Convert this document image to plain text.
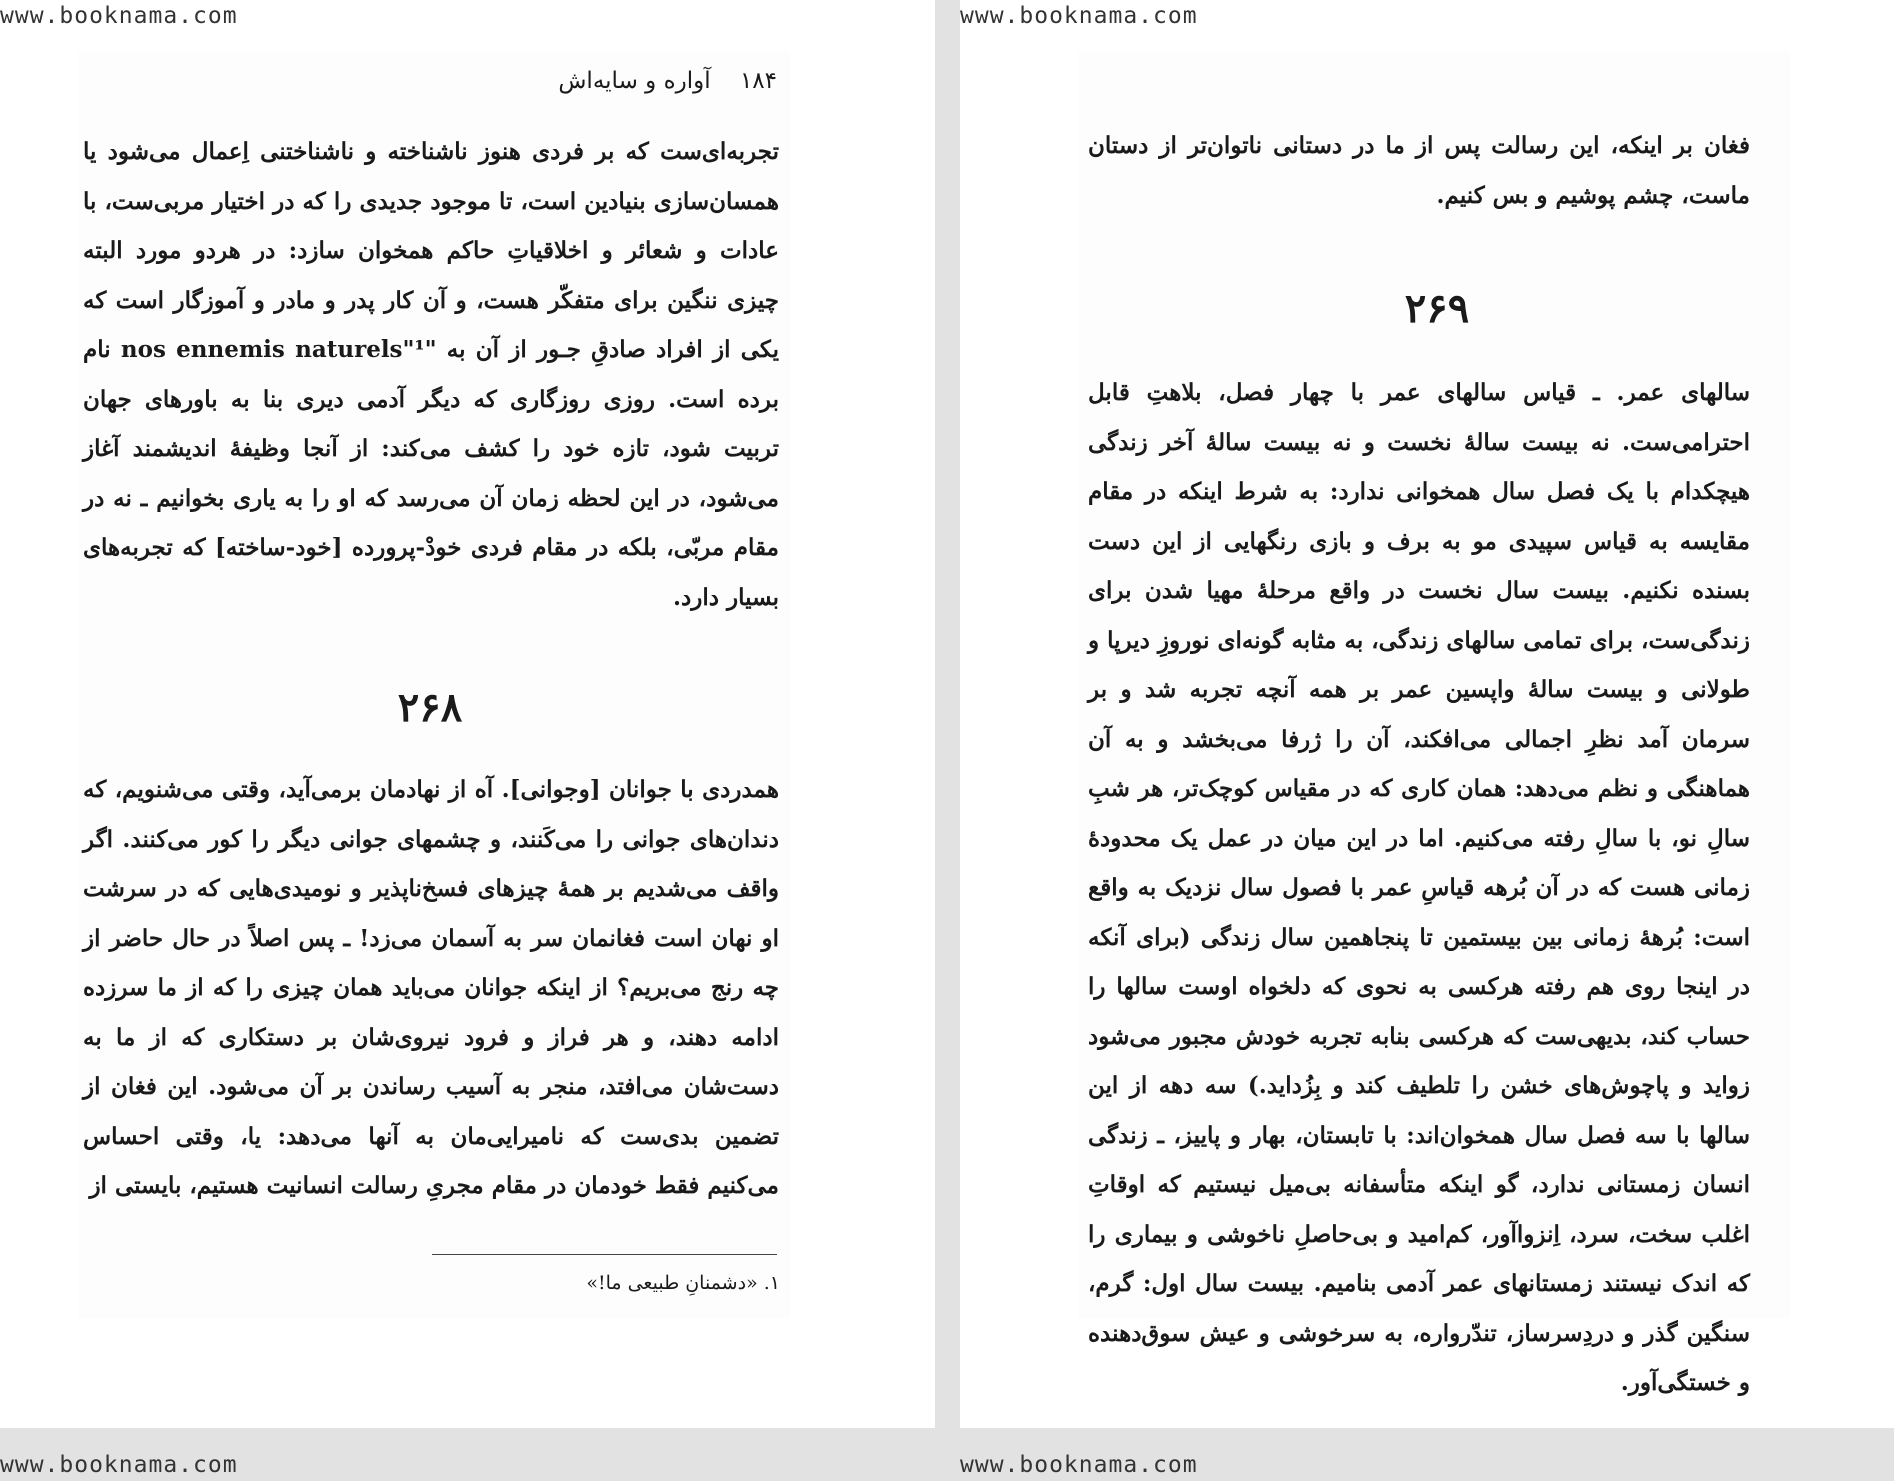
www.booknama.com
۱۸۴ آواره و سایه‌اش
تجربه‌ای‌ست که بر فردی هنوز ناشناخته و ناشناختنی اِعمال می‌شود یا همسان‌سازی بنیادین است، تا موجود جدیدی را که در اختیار مربی‌ست، با عادات و شعائر و اخلاقیاتِ حاکم همخوان سازد: در هردو مورد البته چیزی ننگین برای متفکّر هست، و آن کار پدر و مادر و آموزگار است که یکی از افراد صادقِ جـور از آن به "nos ennemis naturels"¹ نام برده است. روزی روزگاری که دیگر آدمی دیری بنا به باورهای جهان تربیت شود، تازه خود را کشف می‌کند: از آنجا وظیفهٔ اندیشمند آغاز می‌شود، در این لحظه زمان آن می‌رسد که او را به یاری بخوانیم ـ نه در مقام مربّی، بلکه در مقام فردی خودْ-پرورده [خود-ساخته] که تجربه‌های بسیار دارد.
۲۶۸
همدردی با جوانان [وجوانی]. آه از نهادمان برمی‌آید، وقتی می‌شنویم، که دندان‌های جوانی را می‌کَنند، و چشمهای جوانی دیگر را کور می‌کنند. اگر واقف می‌شدیم بر همهٔ چیزهای فسخ‌ناپذیر و نومیدی‌هایی که در سرشت او نهان است فغانمان سر به آسمان می‌زد! ـ پس اصلاً در حال حاضر از چه رنج می‌بریم؟ از اینکه جوانان می‌باید همان چیزی را که از ما سرزده ادامه دهند، و هر فراز و فرود نیروی‌شان بر دستکاری که از ما به دست‌شان می‌افتد، منجر به آسیب رساندن بر آن می‌شود. این فغان از تضمین بدی‌ست که نامیرایی‌مان به آنها می‌دهد: یا، وقتی احساس می‌کنیم فقط خودمان در مقام مجریِ رسالت انسانیت هستیم، بایستی از
۱. «دشمنانِ طبیعی ما!»
www.booknama.com
www.booknama.com
فغان بر اینکه، این رسالت پس از ما در دستانی ناتوان‌تر از دستان ماست، چشم پوشیم و بس کنیم.
۲۶۹
سالهای عمر. ـ قیاس سالهای عمر با چهار فصل، بلاهتِ قابل احترامی‌ست. نه بیست سالهٔ نخست و نه بیست سالهٔ آخر زندگی هیچکدام با یک فصل سال همخوانی ندارد: به شرط اینکه در مقام مقایسه به قیاس سپیدی مو به برف و بازی رنگهایی از این دست بسنده نکنیم. بیست سال نخست در واقع مرحلهٔ مهیا شدن برای زندگی‌ست، برای تمامی سالهای زندگی، به مثابه گونه‌ای نوروزِ دیرپا و طولانی و بیست سالهٔ واپسین عمر بر همه آنچه تجربه شد و بر سرمان آمد نظرِ اجمالی می‌افکند، آن را ژرفا می‌بخشد و به آن هماهنگی و نظم می‌دهد: همان کاری که در مقیاس کوچک‌تر، هر شبِ سالِ نو، با سالِ رفته می‌کنیم. اما در این میان در عمل یک محدودهٔ زمانی هست که در آن بُرهه قیاسِ عمر با فصول سال نزدیک به واقع است: بُرههٔ زمانی بین بیستمین تا پنجاهمین سال زندگی (برای آنکه در اینجا روی هم رفته هرکسی به نحوی که دلخواه اوست سالها را حساب کند، بدیهی‌ست که هرکسی بنابه تجربه خودش مجبور می‌شود زواید و پاچوش‌های خشن را تلطیف کند و بِزُداید.) سه دهه از این سالها با سه فصل سال همخوان‌اند: با تابستان، بهار و پاییز، ـ زندگی انسان زمستانی ندارد، گو اینکه متأسفانه بی‌میل نیستیم که اوقاتِ اغلب سخت، سرد، اِنزواآور، کم‌امید و بی‌حاصلِ ناخوشی و بیماری را که اندک نیستند زمستانهای عمر آدمی بنامیم. بیست سال اول: گرم، سنگین گذر و دردِسرساز، تندّرواره، به سرخوشی و عیش سوق‌دهنده و خستگی‌آور.
www.booknama.com
